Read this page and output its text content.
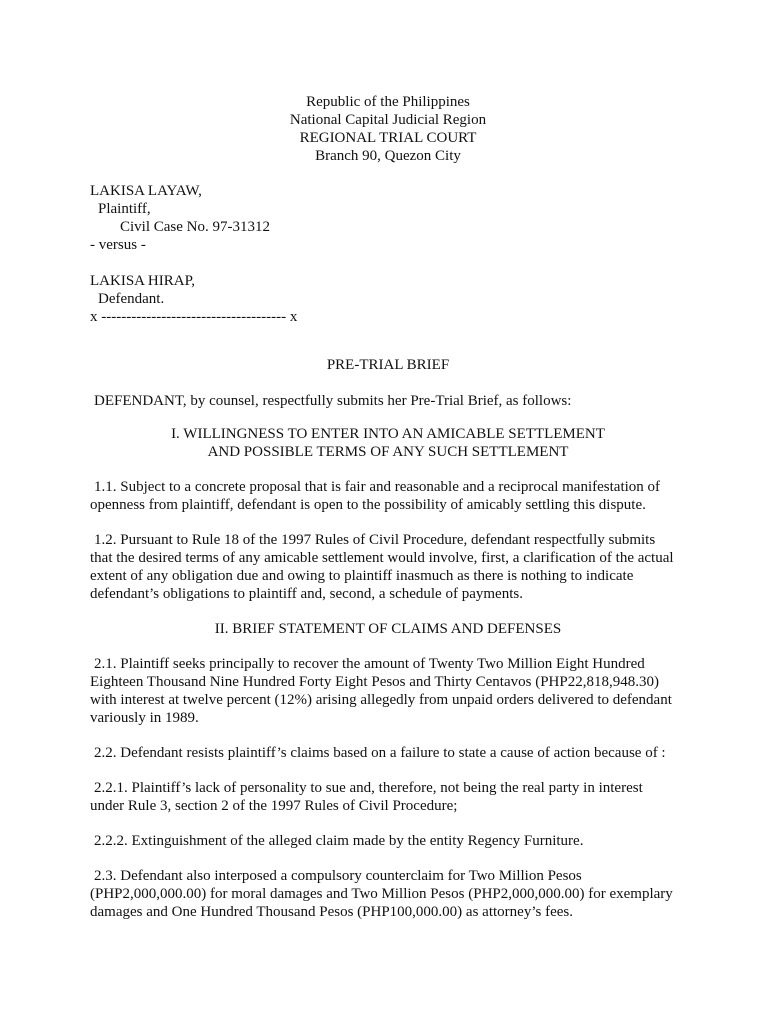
Republic of the Philippines
National Capital Judicial Region
REGIONAL TRIAL COURT
Branch 90, Quezon City
LAKISA LAYAW,
Plaintiff,
Civil Case No. 97-31312
- versus -
LAKISA HIRAP,
Defendant.
x ------------------------------------- x
PRE-TRIAL BRIEF
DEFENDANT, by counsel, respectfully submits her Pre-Trial Brief, as follows:
I. WILLINGNESS TO ENTER INTO AN AMICABLE SETTLEMENT
AND POSSIBLE TERMS OF ANY SUCH SETTLEMENT
1.1. Subject to a concrete proposal that is fair and reasonable and a reciprocal manifestation of
openness from plaintiff, defendant is open to the possibility of amicably settling this dispute.
1.2. Pursuant to Rule 18 of the 1997 Rules of Civil Procedure, defendant respectfully submits
that the desired terms of any amicable settlement would involve, first, a clarification of the actual
extent of any obligation due and owing to plaintiff inasmuch as there is nothing to indicate
defendant’s obligations to plaintiff and, second, a schedule of payments.
II. BRIEF STATEMENT OF CLAIMS AND DEFENSES
2.1. Plaintiff seeks principally to recover the amount of Twenty Two Million Eight Hundred
Eighteen Thousand Nine Hundred Forty Eight Pesos and Thirty Centavos (PHP22,818,948.30)
with interest at twelve percent (12%) arising allegedly from unpaid orders delivered to defendant
variously in 1989.
2.2. Defendant resists plaintiff’s claims based on a failure to state a cause of action because of :
2.2.1. Plaintiff’s lack of personality to sue and, therefore, not being the real party in interest
under Rule 3, section 2 of the 1997 Rules of Civil Procedure;
2.2.2. Extinguishment of the alleged claim made by the entity Regency Furniture.
2.3. Defendant also interposed a compulsory counterclaim for Two Million Pesos
(PHP2,000,000.00) for moral damages and Two Million Pesos (PHP2,000,000.00) for exemplary
damages and One Hundred Thousand Pesos (PHP100,000.00) as attorney’s fees.
